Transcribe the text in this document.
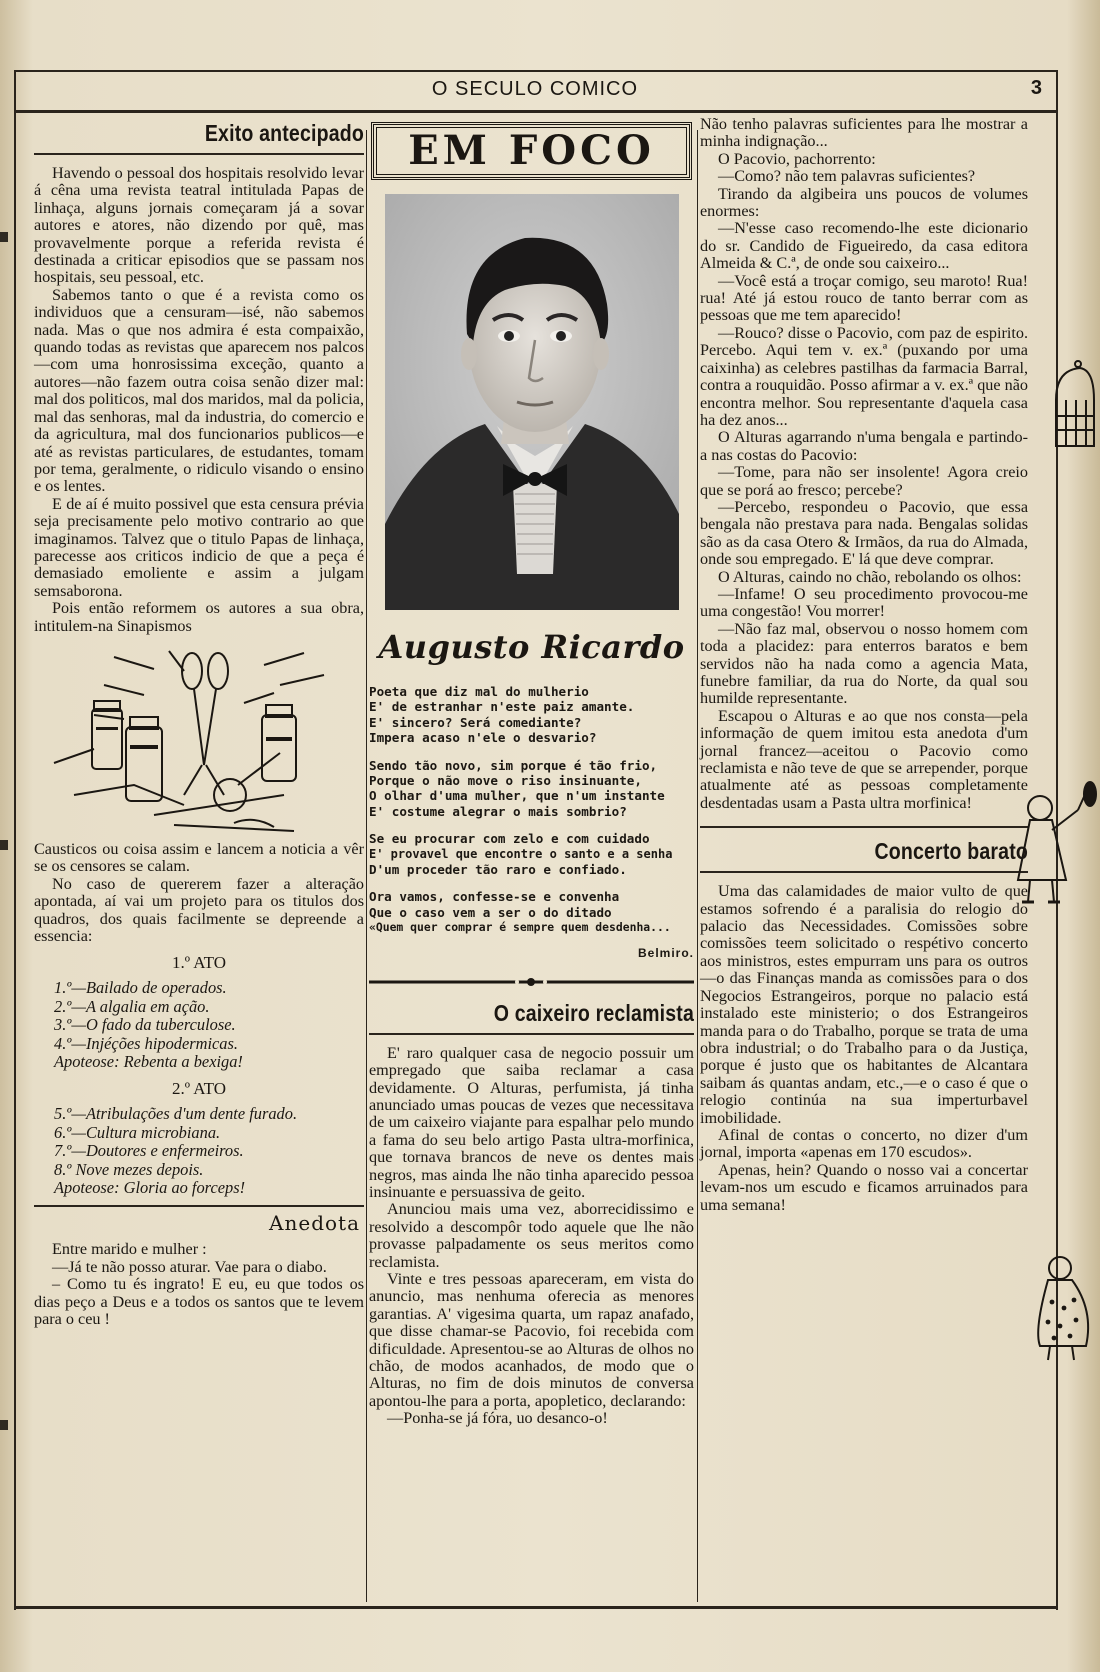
O SECULO COMICO	3
Exito antecipado

Havendo o pessoal dos hospitais resolvido levar á cêna uma revista teatral intitulada Papas de linhaça, alguns jornais começaram já a sovar autores e atores, não dizendo por quê, mas provavelmente porque a referida revista é destinada a criticar episodios que se passam nos hospitais, seu pessoal, etc.

Sabemos tanto o que é a revista como os individuos que a censuram—isé, não sabemos nada. Mas o que nos admira é esta compaixão, quando todas as revistas que aparecem nos palcos—com uma honrosissima exceção, quanto a autores—não fazem outra coisa senão dizer mal: mal dos politicos, mal dos maridos, mal da policia, mal das senhoras, mal da industria, do comercio e da agricultura, mal dos funcionarios publicos—e até as revistas particulares, de estudantes, tomam por tema, geralmente, o ridiculo visando o ensino e os lentes.

E de aí é muito possivel que esta censura prévia seja precisamente pelo motivo contrario ao que imaginamos. Talvez que o titulo Papas de linhaça, parecesse aos criticos indicio de que a peça é demasiado emoliente e assim a julgam semsaborona.

Pois então reformem os autores a sua obra, intitulem-na Sinapismos

Causticos ou coisa assim e lancem a noticia a vêr se os censores se calam.

No caso de quererem fazer a alteração apontada, aí vai um projeto para os titulos dos quadros, dos quais facilmente se depreende a essencia:

1.º ATO
1.º—Bailado de operados.
2.º—A algalia em ação.
3.º—O fado da tuberculose.
4.º—Injéções hipodermicas.
Apoteose: Rebenta a bexiga!
2.º ATO
5.º—Atribulações d'um dente furado.
6.º—Cultura microbiana.
7.º—Doutores e enfermeiros.
8.º Nove mezes depois.
Apoteose: Gloria ao forceps!
Anedota

Entre marido e mulher :

—Já te não posso aturar. Vae para o diabo.

– Como tu és ingrato! E eu, eu que todos os dias peço a Deus e a todos os santos que te levem para o ceu !

EM FOCO
Augusto Ricardo
Poeta que diz mal do mulherio
E' de estranhar n'este paiz amante.
E' sincero? Será comediante?
Impera acaso n'ele o desvario?
Sendo tão novo, sim porque é tão frio,
Porque o não move o riso insinuante,
O olhar d'uma mulher, que n'um instante
E' costume alegrar o mais sombrio?
Se eu procurar com zelo e com cuidado
E' provavel que encontre o santo e a senha
D'um proceder tão raro e confiado.
Ora vamos, confesse-se e convenha
Que o caso vem a ser o do ditado
«Quem quer comprar é sempre quem desdenha...
Belmiro.
O caixeiro reclamista

E' raro qualquer casa de negocio possuir um empregado que saiba reclamar a casa devidamente. O Alturas, perfumista, já tinha anunciado umas poucas de vezes que necessitava de um caixeiro viajante para espalhar pelo mundo a fama do seu belo artigo Pasta ultra-morfinica, que tornava brancos de neve os dentes mais negros, mas ainda lhe não tinha aparecido pessoa insinuante e persuassiva de geito.

Anunciou mais uma vez, aborrecidissimo e resolvido a descompôr todo aquele que lhe não provasse palpadamente os seus meritos como reclamista.

Vinte e tres pessoas apareceram, em vista do anuncio, mas nenhuma oferecia as menores garantias. A' vigesima quarta, um rapaz anafado, que disse chamar-se Pacovio, foi recebida com dificuldade. Apresentou-se ao Alturas de olhos no chão, de modos acanhados, de modo que o Alturas, no fim de dois minutos de conversa apontou-lhe para a porta, apopletico, declarando:

—Ponha-se já fóra, uo desanco-o!

Não tenho palavras suficientes para lhe mostrar a minha indignação...

O Pacovio, pachorrento:

—Como? não tem palavras suficientes?

Tirando da algibeira uns poucos de volumes enormes:

—N'esse caso recomendo-lhe este dicionario do sr. Candido de Figueiredo, da casa editora Almeida & C.ª, de onde sou caixeiro...

—Você está a troçar comigo, seu maroto! Rua! rua! Até já estou rouco de tanto berrar com as pessoas que me tem aparecido!

—Rouco? disse o Pacovio, com paz de espirito. Percebo. Aqui tem v. ex.ª (puxando por uma caixinha) as celebres pastilhas da farmacia Barral, contra a rouquidão. Posso afirmar a v. ex.ª que não encontra melhor. Sou representante d'aquela casa ha dez anos...

O Alturas agarrando n'uma bengala e partindo-a nas costas do Pacovio:

—Tome, para não ser insolente! Agora creio que se porá ao fresco; percebe?

—Percebo, respondeu o Pacovio, que essa bengala não prestava para nada. Bengalas solidas são as da casa Otero & Irmãos, da rua do Almada, onde sou empregado. E' lá que deve comprar.

O Alturas, caindo no chão, rebolando os olhos:

—Infame! O seu procedimento provocou-me uma congestão! Vou morrer!

—Não faz mal, observou o nosso homem com toda a placidez: para enterros baratos e bem servidos não ha nada como a agencia Mata, funebre familiar, da rua do Norte, da qual sou humilde representante.

Escapou o Alturas e ao que nos consta—pela informação de quem imitou esta anedota d'um jornal francez—aceitou o Pacovio como reclamista e não teve de que se arrepender, porque atualmente até as pessoas completamente desdentadas usam a Pasta ultra morfinica!

Concerto barato

Uma das calamidades de maior vulto de que estamos sofrendo é a paralisia do relogio do palacio das Necessidades. Comissões sobre comissões teem solicitado o respétivo concerto aos ministros, estes empurram uns para os outros—o das Finanças manda as comissões para o dos Negocios Estrangeiros, porque no palacio está instalado este ministerio; o dos Estrangeiros manda para o do Trabalho, porque se trata de uma obra industrial; o do Trabalho para o da Justiça, porque é justo que os habitantes de Alcantara saibam ás quantas andam, etc.,—e o caso é que o relogio continúa na sua imperturbavel imobilidade.

Afinal de contas o concerto, no dizer d'um jornal, importa «apenas em 170 escudos».

Apenas, hein? Quando o nosso vai a concertar levam-nos um escudo e ficamos arruinados para uma semana!
